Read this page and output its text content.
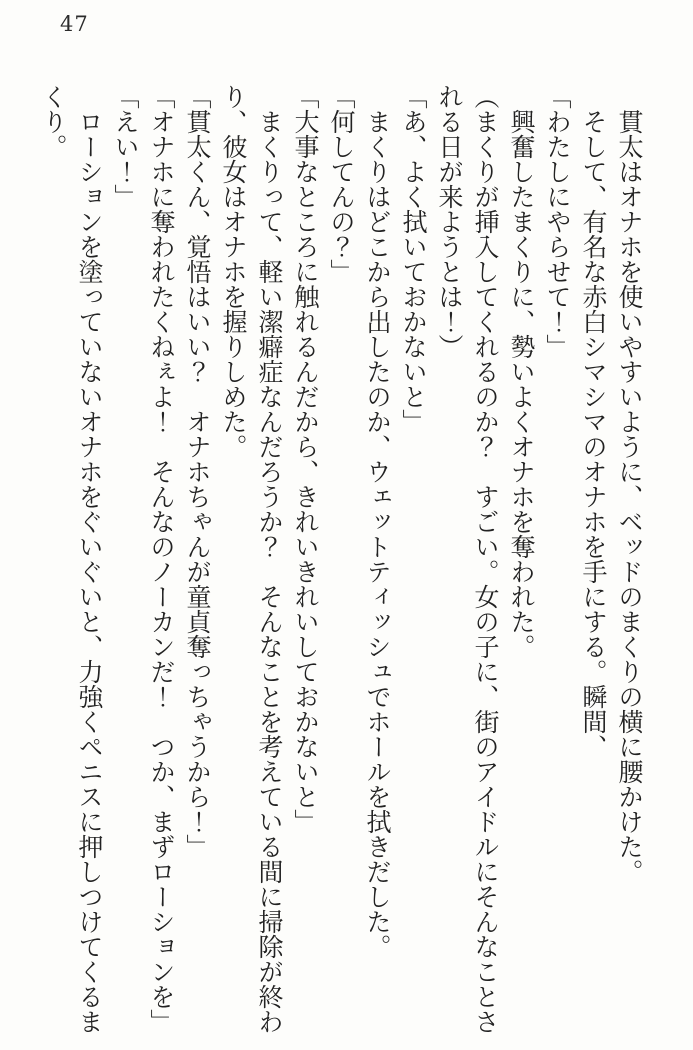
47

貫太はオナホを使いやすいように、ベッドのまくりの横に腰かけた。

そして、有名な赤白シマシマのオナホを手にする。瞬間、

「わたしにやらせて！」

興奮したまくりに、勢いよくオナホを奪われた。

（まくりが挿入してくれるのか？　すごい。女の子に、街のアイドルにそんなことされる日が来ようとは！）

「あ、よく拭いておかないと」

まくりはどこから出したのか、ウェットティッシュでホールを拭きだした。

「何してんの？」

「大事なところに触れるんだから、きれいきれいしておかないと」

まくりって、軽い潔癖症なんだろうか？　そんなことを考えている間に掃除が終わり、彼女はオナホを握りしめた。

「貫太くん、覚悟はいい？　オナホちゃんが童貞奪っちゃうから！」

「オナホに奪われたくねぇよ！　そんなのノーカンだ！　つか、まずローションを」

「えい！」

ローションを塗っていないオナホをぐいぐいと、力強くペニスに押しつけてくるまくり。
